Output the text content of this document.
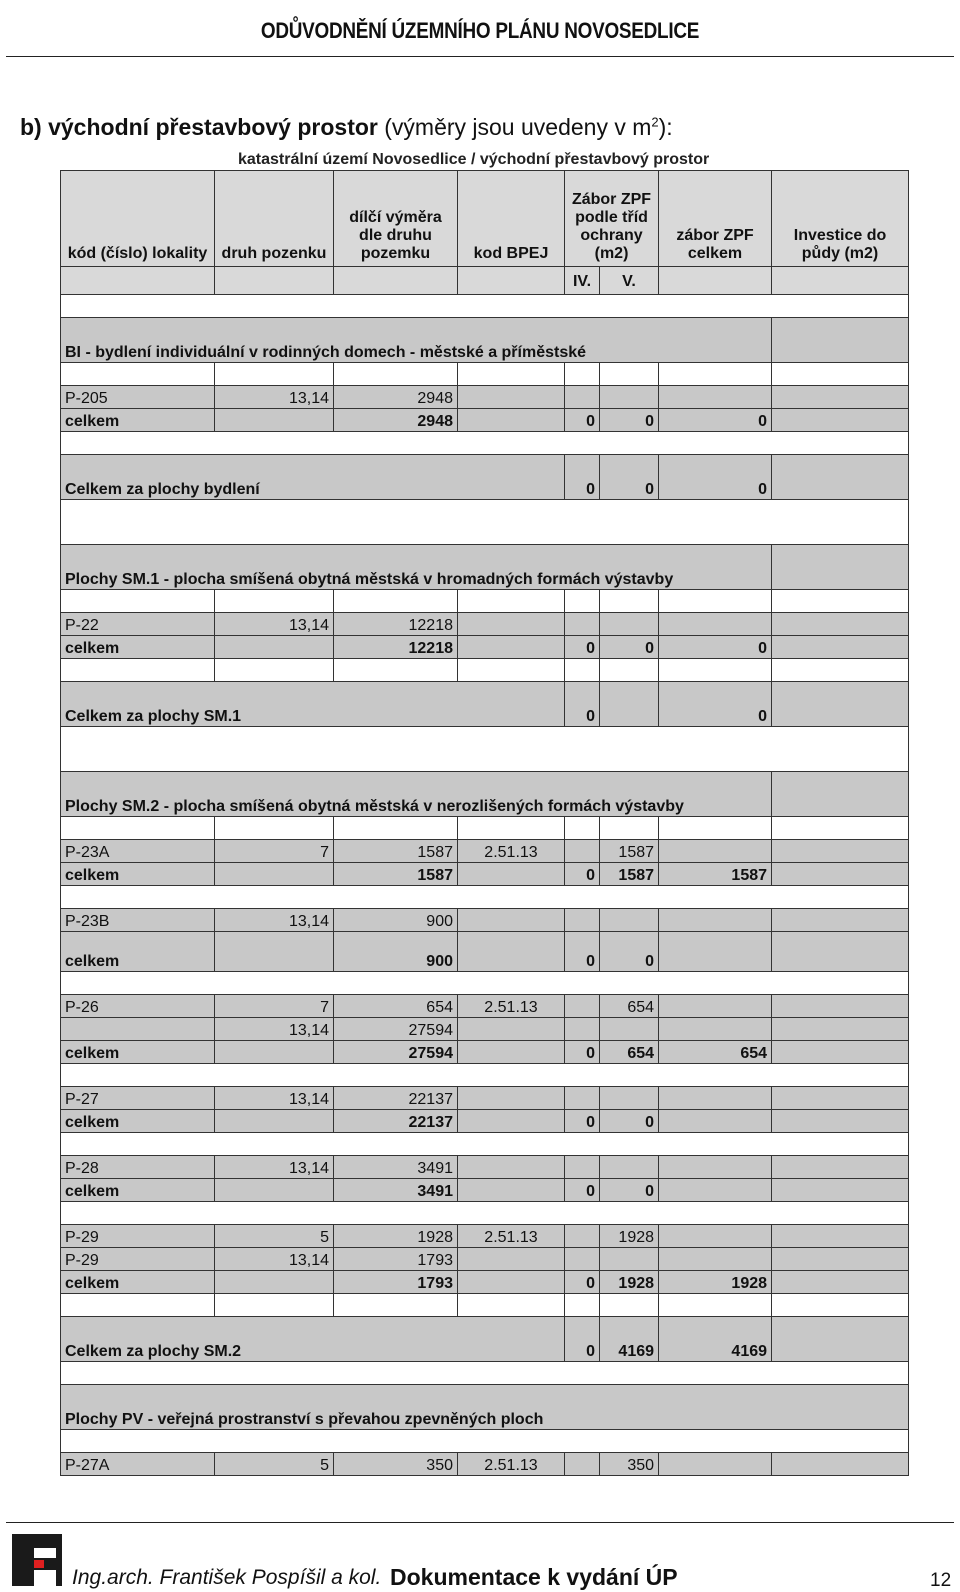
ODŮVODNĚNÍ ÚZEMNÍHO PLÁNU NOVOSEDLICE
b) východní přestavbový prostor (výměry jsou uvedeny v $m^2$):
katastrální území Novosedlice / východní přestavbový prostor
kód (číslo) lokality	druh pozenku	dílčí výměra dle druhu pozemku	kod BPEJ	Zábor ZPF podle tříd ochrany (m2)		zábor ZPF celkem	Investice do půdy (m2)
				IV.	V.		

BI - bydlení individuální v rodinných domech - městské a příměstské							

P-205	13,14	2948					
celkem		2948		0	0	0	

Celkem za plochy bydlení				0	0	0	

Plochy SM.1 - plocha smíšená obytná městská v hromadných formách výstavby							

P-22	13,14	12218					
celkem		12218		0	0	0	

Celkem za plochy SM.1				0		0	

Plochy SM.2 - plocha smíšená obytná městská v nerozlišených formách výstavby							

P-23A	7	1587	2.51.13		1587		
celkem		1587		0	1587	1587	

P-23B	13,14	900					
celkem		900		0	0		

P-26	7	654	2.51.13		654		
	13,14	27594					
celkem		27594		0	654	654	

P-27	13,14	22137					
celkem		22137		0	0		

P-28	13,14	3491					
celkem		3491		0	0		

P-29	5	1928	2.51.13		1928		
P-29	13,14	1793					
celkem		1793		0	1928	1928	

Celkem za plochy SM.2				0	4169	4169	

Plochy PV - veřejná prostranství s převahou zpevněných ploch							

P-27A	5	350	2.51.13		350		
Ing.arch. František Pospíšil a kol. Dokumentace k vydání ÚP	12
